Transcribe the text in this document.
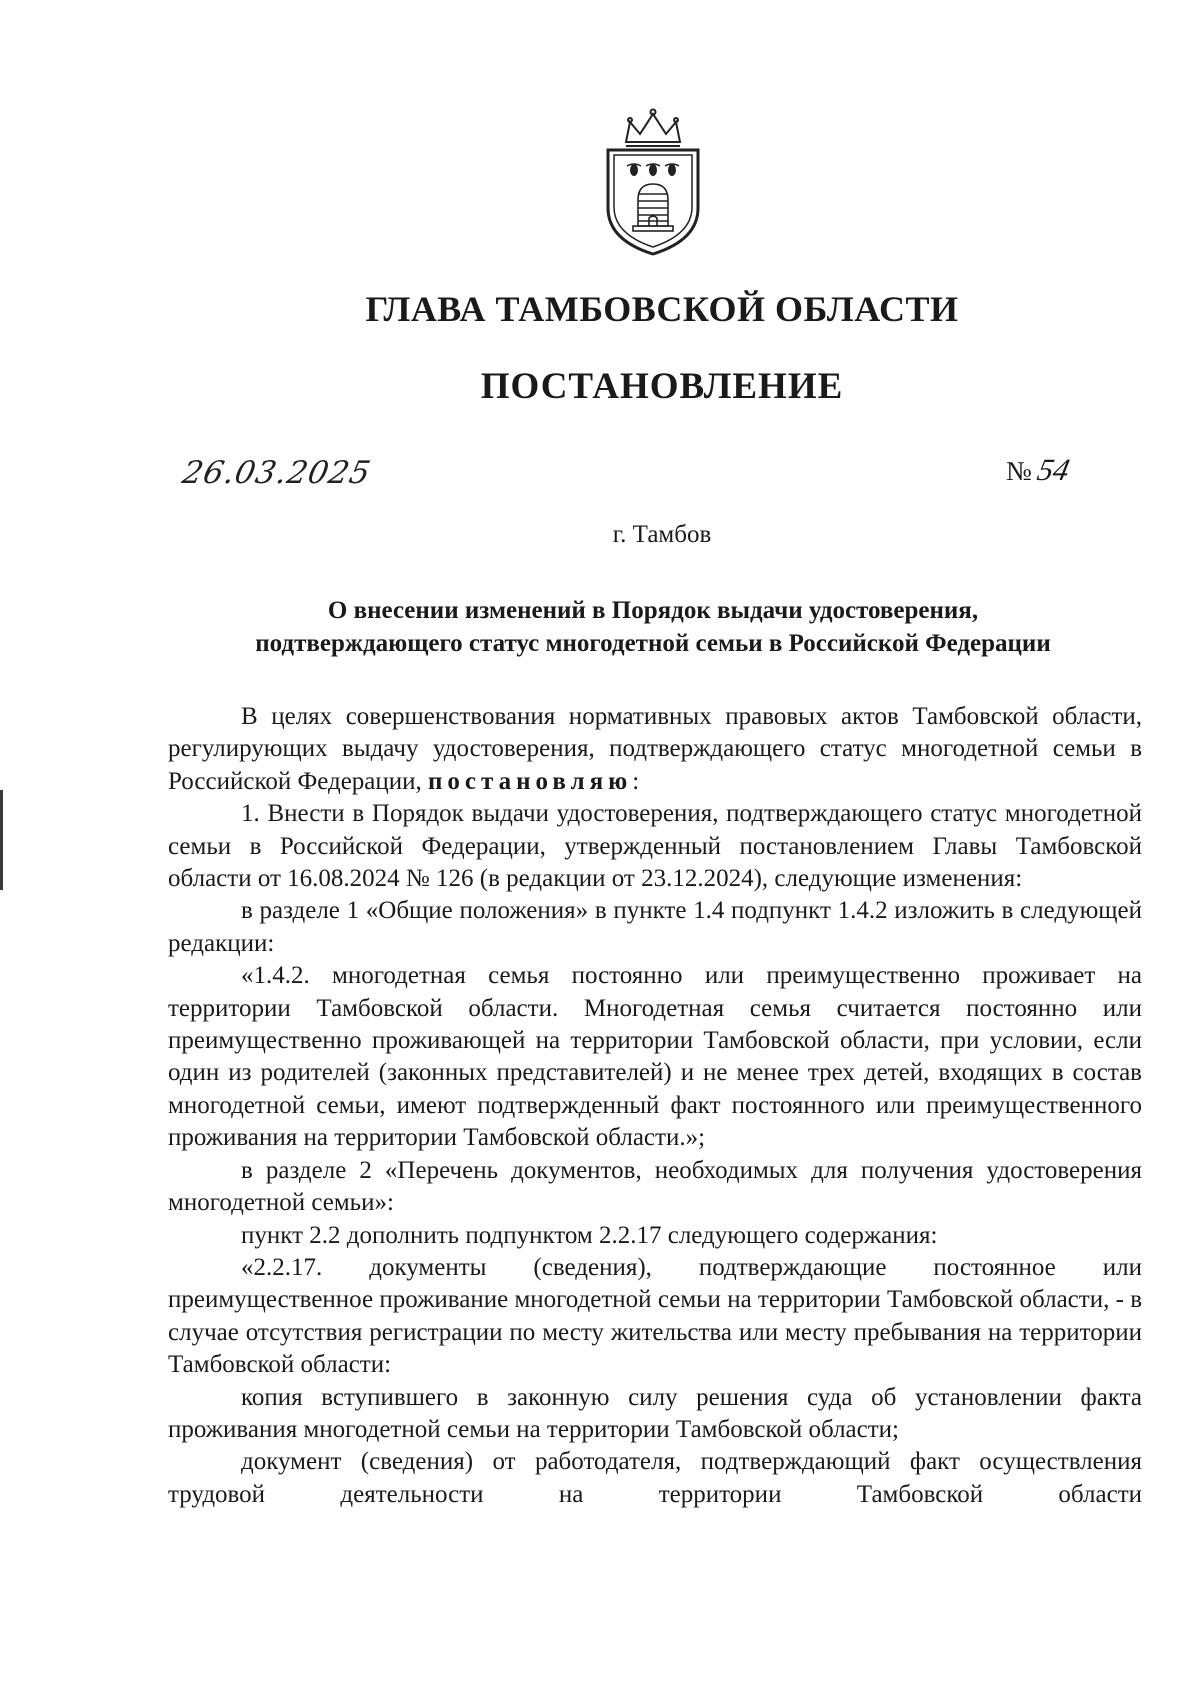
ГЛАВА ТАМБОВСКОЙ ОБЛАСТИ
ПОСТАНОВЛЕНИЕ
26.03.2025	№54
г. Тамбов
О внесении изменений в Порядок выдачи удостоверения,
подтверждающего статус многодетной семьи в Российской Федерации

В целях совершенствования нормативных правовых актов Тамбовской области, регулирующих выдачу удостоверения, подтверждающего статус многодетной семьи в Российской Федерации, постановляю:

1. Внести в Порядок выдачи удостоверения, подтверждающего статус многодетной семьи в Российской Федерации, утвержденный постановлением Главы Тамбовской области от 16.08.2024 № 126 (в редакции от 23.12.2024), следующие изменения:

в разделе 1 «Общие положения» в пункте 1.4 подпункт 1.4.2 изложить в следующей редакции:

«1.4.2. многодетная семья постоянно или преимущественно проживает на территории Тамбовской области. Многодетная семья считается постоянно или преимущественно проживающей на территории Тамбовской области, при условии, если один из родителей (законных представителей) и не менее трех детей, входящих в состав многодетной семьи, имеют подтвержденный факт постоянного или преимущественного проживания на территории Тамбовской области.»;

в разделе 2 «Перечень документов, необходимых для получения удостоверения многодетной семьи»:

пункт 2.2 дополнить подпунктом 2.2.17 следующего содержания:

«2.2.17. документы (сведения), подтверждающие постоянное или преимущественное проживание многодетной семьи на территории Тамбовской области, - в случае отсутствия регистрации по месту жительства или месту пребывания на территории Тамбовской области:

копия вступившего в законную силу решения суда об установлении факта проживания многодетной семьи на территории Тамбовской области;

документ (сведения) от работодателя, подтверждающий факт осуществления трудовой деятельности на территории Тамбовской области
